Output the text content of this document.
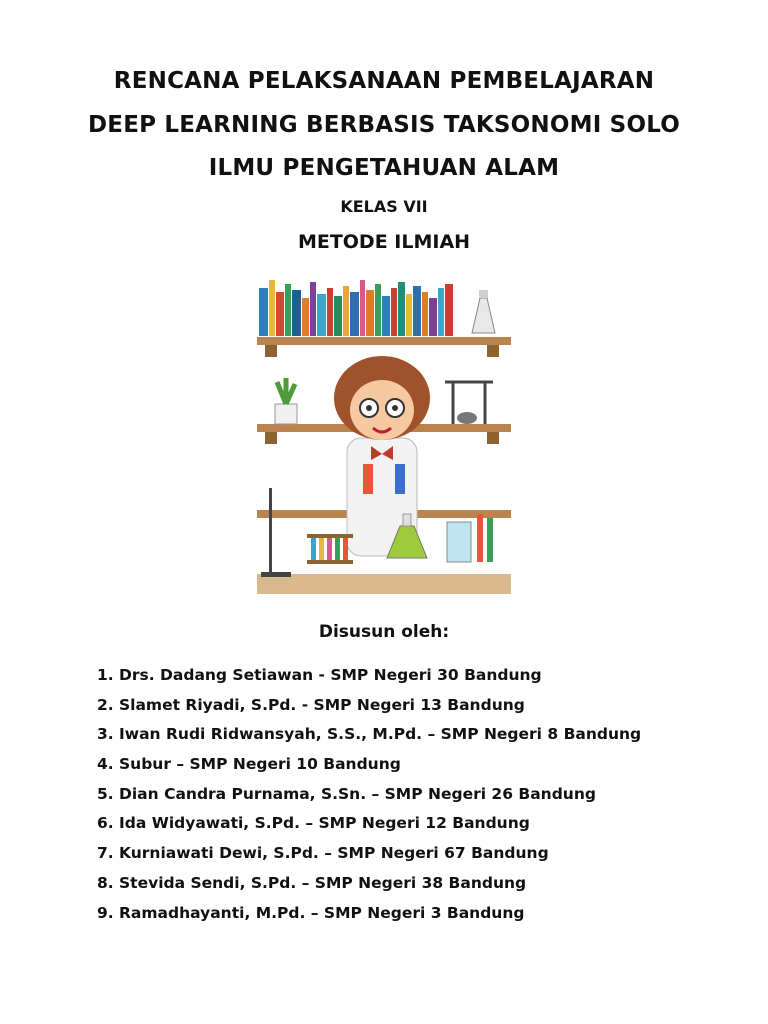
RENCANA PELAKSANAAN PEMBELAJARAN
DEEP LEARNING BERBASIS TAKSONOMI SOLO
ILMU PENGETAHUAN ALAM
KELAS VII
METODE ILMIAH
Disusun oleh:
1. Drs. Dadang Setiawan - SMP Negeri 30 Bandung
2. Slamet Riyadi, S.Pd. - SMP Negeri 13 Bandung
3. Iwan Rudi Ridwansyah, S.S., M.Pd. – SMP Negeri 8 Bandung
4. Subur – SMP Negeri 10 Bandung
5. Dian Candra Purnama, S.Sn. – SMP Negeri 26 Bandung
6. Ida Widyawati, S.Pd. – SMP Negeri 12 Bandung
7. Kurniawati Dewi, S.Pd. – SMP Negeri 67 Bandung
8. Stevida Sendi, S.Pd. – SMP Negeri 38 Bandung
9. Ramadhayanti, M.Pd. – SMP Negeri 3 Bandung
